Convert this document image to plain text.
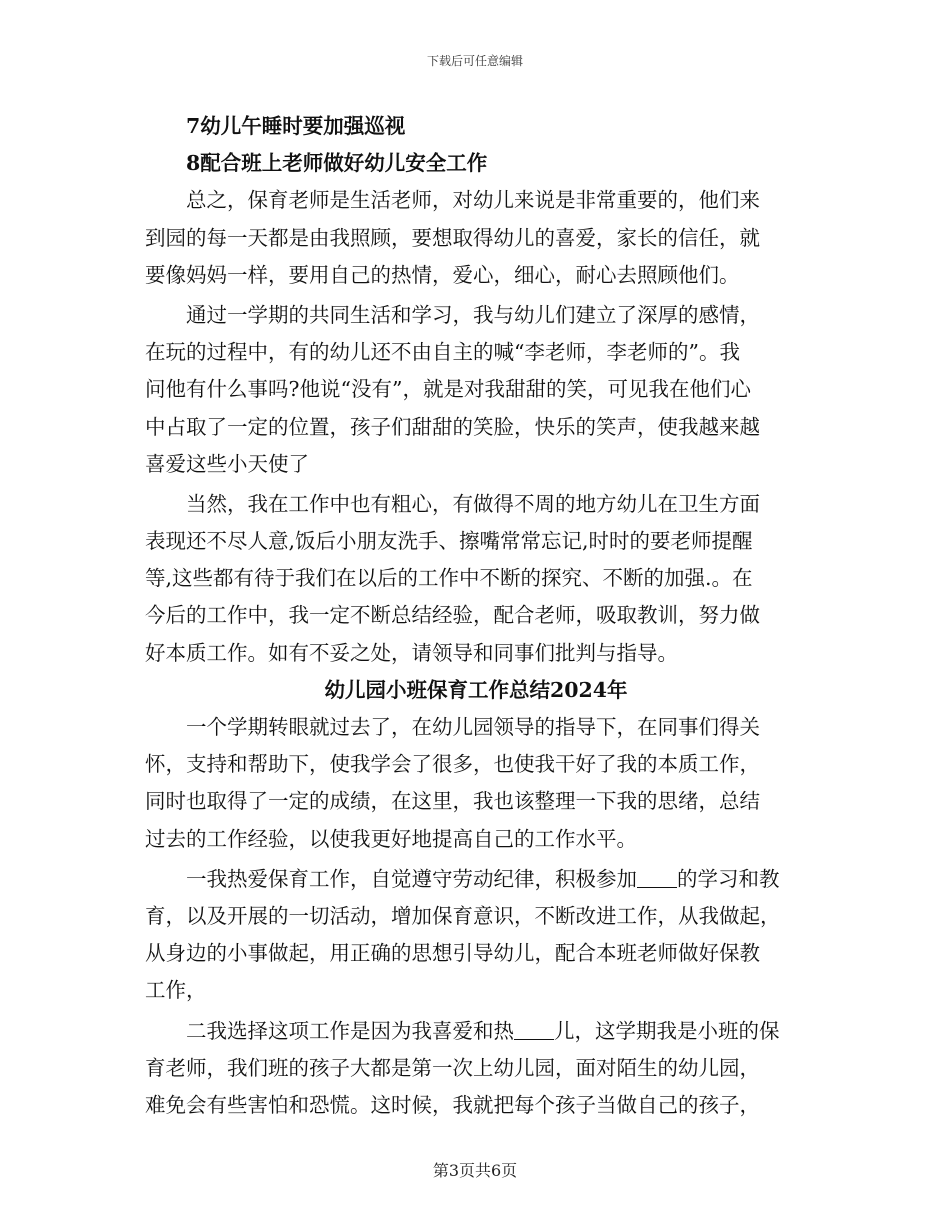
下载后可任意编辑
7幼儿午睡时要加强巡视
8配合班上老师做好幼儿安全工作
总之，保育老师是生活老师，对幼儿来说是非常重要的，他们来
到园的每一天都是由我照顾，要想取得幼儿的喜爱，家长的信任，就
要像妈妈一样，要用自己的热情，爱心，细心，耐心去照顾他们。
通过一学期的共同生活和学习，我与幼儿们建立了深厚的感情，
在玩的过程中，有的幼儿还不由自主的喊“李老师，李老师的”。我
问他有什么事吗?他说“没有”，就是对我甜甜的笑，可见我在他们心
中占取了一定的位置，孩子们甜甜的笑脸，快乐的笑声，使我越来越
喜爱这些小天使了
当然，我在工作中也有粗心，有做得不周的地方幼儿在卫生方面
表现还不尽人意,饭后小朋友洗手、擦嘴常常忘记,时时的要老师提醒
等,这些都有待于我们在以后的工作中不断的探究、不断的加强.。在
今后的工作中，我一定不断总结经验，配合老师，吸取教训，努力做
好本质工作。如有不妥之处，请领导和同事们批判与指导。
幼儿园小班保育工作总结2024年
一个学期转眼就过去了，在幼儿园领导的指导下，在同事们得关
怀，支持和帮助下，使我学会了很多，也使我干好了我的本质工作，
同时也取得了一定的成绩，在这里，我也该整理一下我的思绪，总结
过去的工作经验，以使我更好地提高自己的工作水平。
一我热爱保育工作，自觉遵守劳动纪律，积极参加 的学习和教
育，以及开展的一切活动，增加保育意识，不断改进工作，从我做起，
从身边的小事做起，用正确的思想引导幼儿，配合本班老师做好保教
工作，
二我选择这项工作是因为我喜爱和热 儿，这学期我是小班的保
育老师，我们班的孩子大都是第一次上幼儿园，面对陌生的幼儿园，
难免会有些害怕和恐慌。这时候，我就把每个孩子当做自己的孩子，
第3页共6页
